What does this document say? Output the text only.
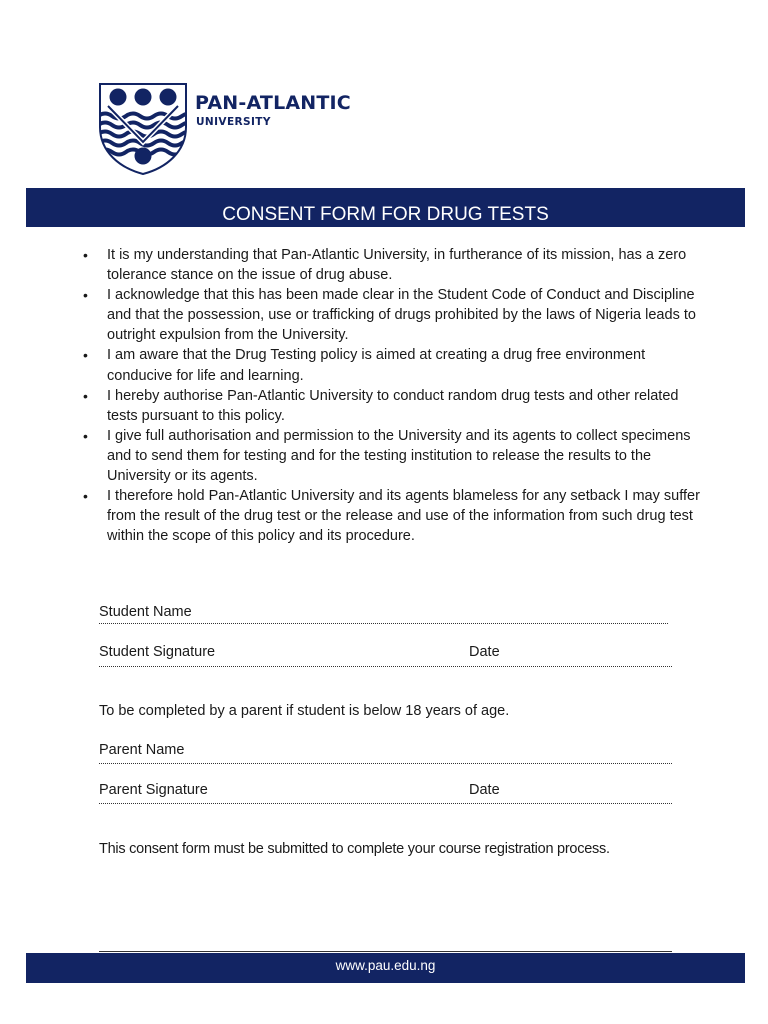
PAN-ATLANTIC
UNIVERSITY
CONSENT FORM FOR DRUG TESTS
• It is my understanding that Pan-Atlantic University, in furtherance of its mission, has a zero tolerance stance on the issue of drug abuse.
• I acknowledge that this has been made clear in the Student Code of Conduct and Discipline and that the possession, use or trafficking of drugs prohibited by the laws of Nigeria leads to outright expulsion from the University.
• I am aware that the Drug Testing policy is aimed at creating a drug free environment conducive for life and learning.
• I hereby authorise Pan-Atlantic University to conduct random drug tests and other related tests pursuant to this policy.
• I give full authorisation and permission to the University and its agents to collect specimens and to send them for testing and for the testing institution to release the results to the University or its agents.
• I therefore hold Pan-Atlantic University and its agents blameless for any setback I may suffer from the result of the drug test or the release and use of the information from such drug test within the scope of this policy and its procedure.
Student Name
Student Signature	Date
To be completed by a parent if student is below 18 years of age.
Parent Name
Parent Signature	Date
This consent form must be submitted to complete your course registration process.
www.pau.edu.ng
